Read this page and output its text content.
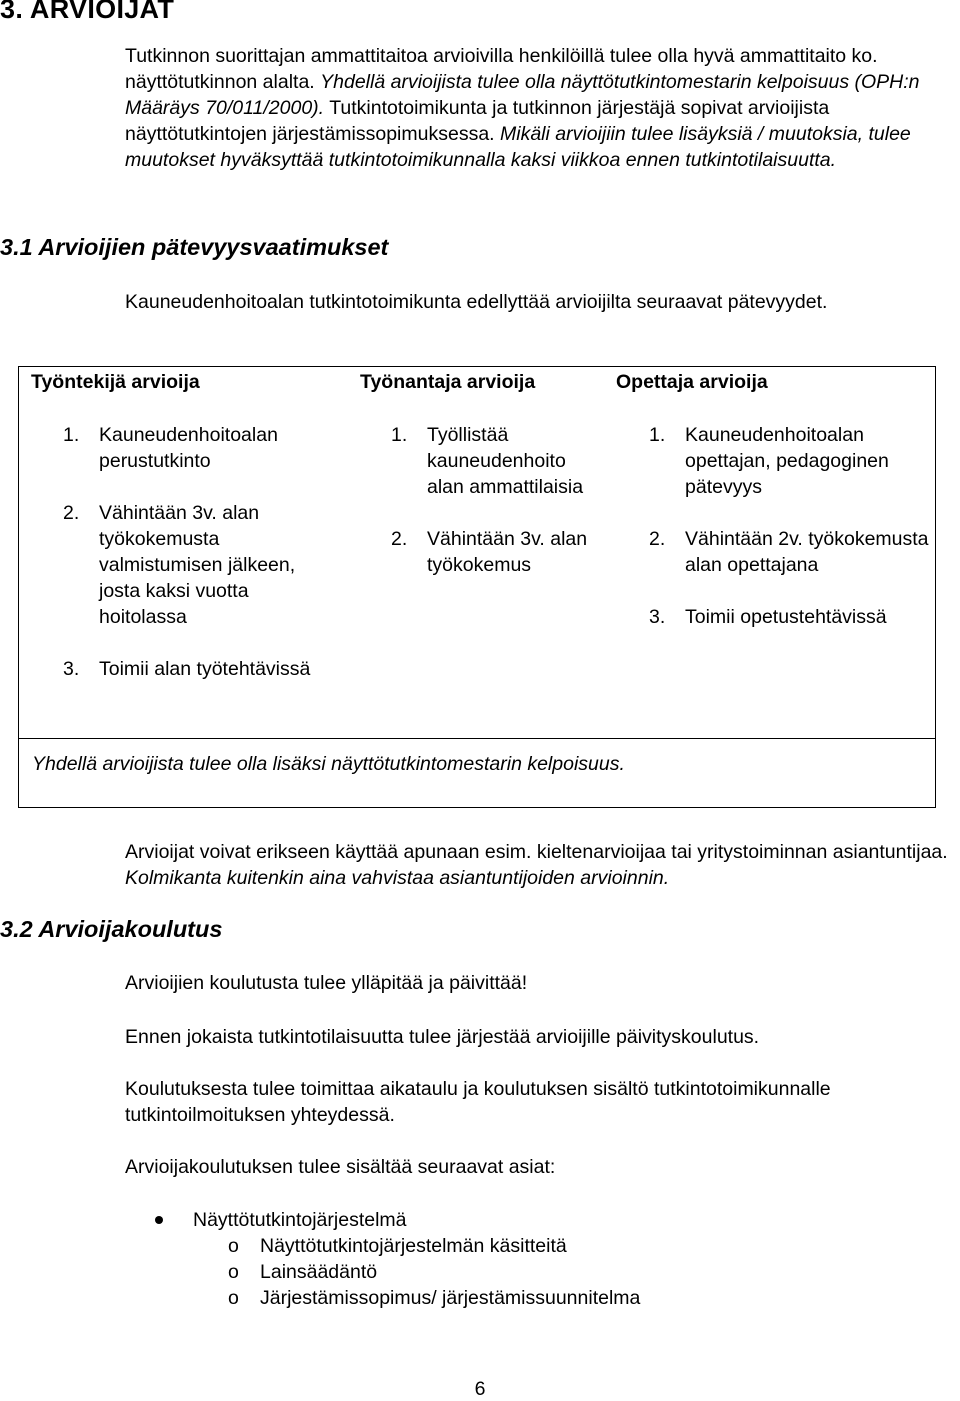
3. ARVIOIJAT
Tutkinnon suorittajan ammattitaitoa arvioivilla henkilöillä tulee olla hyvä ammattitaito ko. näyttötutkinnon alalta. Yhdellä arvioijista tulee olla näyttötutkintomestarin kelpoisuus (OPH:n Määräys 70/011/2000). Tutkintotoimikunta ja tutkinnon järjestäjä sopivat arvioijista näyttötutkintojen järjestämissopimuksessa. Mikäli arvioijiin tulee lisäyksiä / muutoksia, tulee muutokset hyväksyttää tutkintotoimikunnalla kaksi viikkoa ennen tutkintotilaisuutta.
3.1 Arvioijien pätevyysvaatimukset
Kauneudenhoitoalan tutkintotoimikunta edellyttää arvioijilta seuraavat pätevyydet.
Työntekijä arvioija	Työnantaja arvioija	Opettaja arvioija
1. Kauneudenhoitoalan perustutkinto
2. Vähintään 3v. alan työkokemusta valmistumisen jälkeen, josta kaksi vuotta hoitolassa
3. Toimii alan työtehtävissä
1. Työllistää kauneudenhoito alan ammattilaisia
2. Vähintään 3v. alan työkokemus
1. Kauneudenhoitoalan opettajan, pedagoginen pätevyys
2. Vähintään 2v. työkokemusta alan opettajana
3. Toimii opetustehtävissä
Yhdellä arvioijista tulee olla lisäksi näyttötutkintomestarin kelpoisuus.
Arvioijat voivat erikseen käyttää apunaan esim. kieltenarvioijaa tai yritystoiminnan asiantuntijaa. Kolmikanta kuitenkin aina vahvistaa asiantuntijoiden arvioinnin.
3.2 Arvioijakoulutus
Arvioijien koulutusta tulee ylläpitää ja päivittää!
Ennen jokaista tutkintotilaisuutta tulee järjestää arvioijille päivityskoulutus.
Koulutuksesta tulee toimittaa aikataulu ja koulutuksen sisältö tutkintotoimikunnalle tutkintoilmoituksen yhteydessä.
Arvioijakoulutuksen tulee sisältää seuraavat asiat:
Näyttötutkintojärjestelmä
o Näyttötutkintojärjestelmän käsitteitä
o Lainsäädäntö
o Järjestämissopimus/ järjestämissuunnitelma
6
